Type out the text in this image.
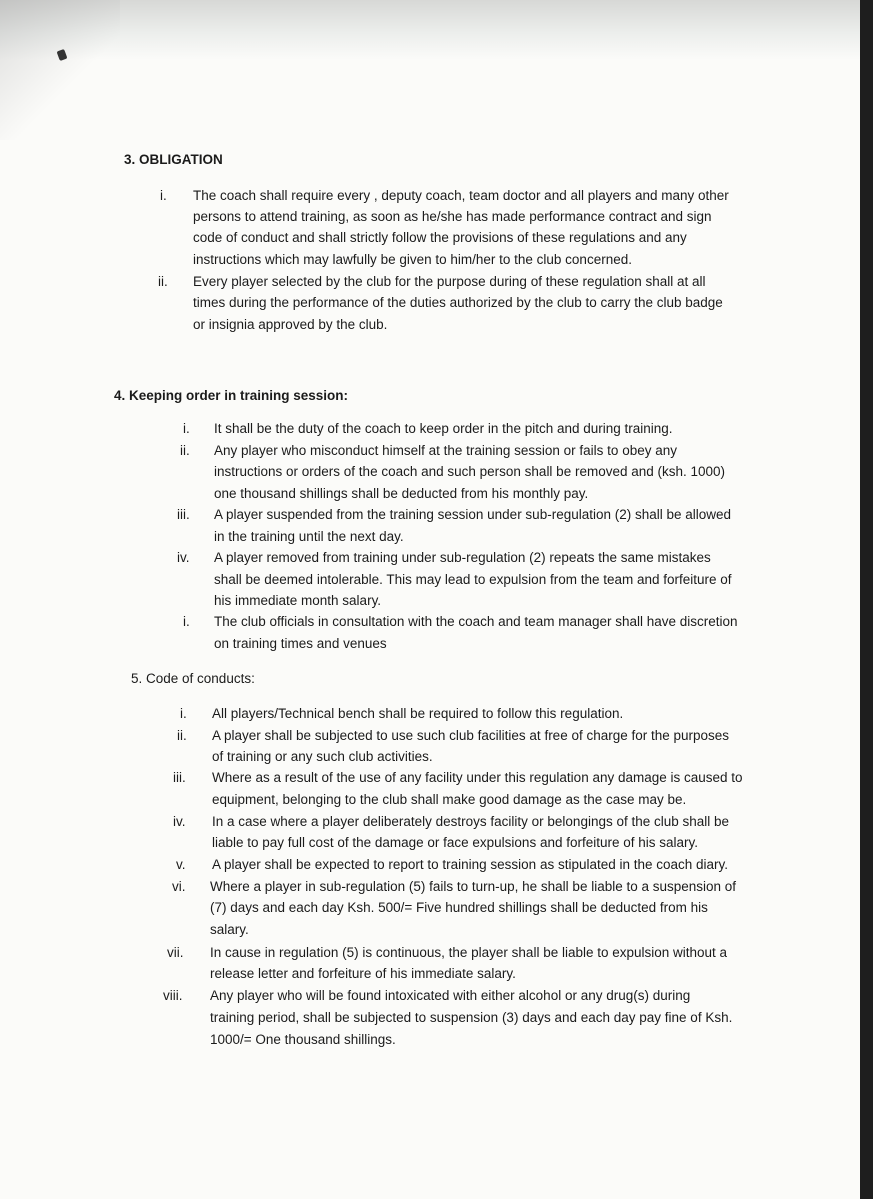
3. OBLIGATION
i. The coach shall require every , deputy coach, team doctor and all players and many other
persons to attend training, as soon as he/she has made performance contract and sign
code of conduct and shall strictly follow the provisions of these regulations and any
instructions which may lawfully be given to him/her to the club concerned.
ii. Every player selected by the club for the purpose during of these regulation shall at all
times during the performance of the duties authorized by the club to carry the club badge
or insignia approved by the club.
4. Keeping order in training session:
i. It shall be the duty of the coach to keep order in the pitch and during training.
ii. Any player who misconduct himself at the training session or fails to obey any
instructions or orders of the coach and such person shall be removed and (ksh. 1000)
one thousand shillings shall be deducted from his monthly pay.
iii. A player suspended from the training session under sub-regulation (2) shall be allowed
in the training until the next day.
iv. A player removed from training under sub-regulation (2) repeats the same mistakes
shall be deemed intolerable. This may lead to expulsion from the team and forfeiture of
his immediate month salary.
i. The club officials in consultation with the coach and team manager shall have discretion
on training times and venues
5. Code of conducts:
i. All players/Technical bench shall be required to follow this regulation.
ii. A player shall be subjected to use such club facilities at free of charge for the purposes
of training or any such club activities.
iii. Where as a result of the use of any facility under this regulation any damage is caused to
equipment, belonging to the club shall make good damage as the case may be.
iv. In a case where a player deliberately destroys facility or belongings of the club shall be
liable to pay full cost of the damage or face expulsions and forfeiture of his salary.
v. A player shall be expected to report to training session as stipulated in the coach diary.
vi. Where a player in sub-regulation (5) fails to turn-up, he shall be liable to a suspension of
(7) days and each day Ksh. 500/= Five hundred shillings shall be deducted from his
salary.
vii. In cause in regulation (5) is continuous, the player shall be liable to expulsion without a
release letter and forfeiture of his immediate salary.
viii. Any player who will be found intoxicated with either alcohol or any drug(s) during
training period, shall be subjected to suspension (3) days and each day pay fine of Ksh.
1000/= One thousand shillings.
